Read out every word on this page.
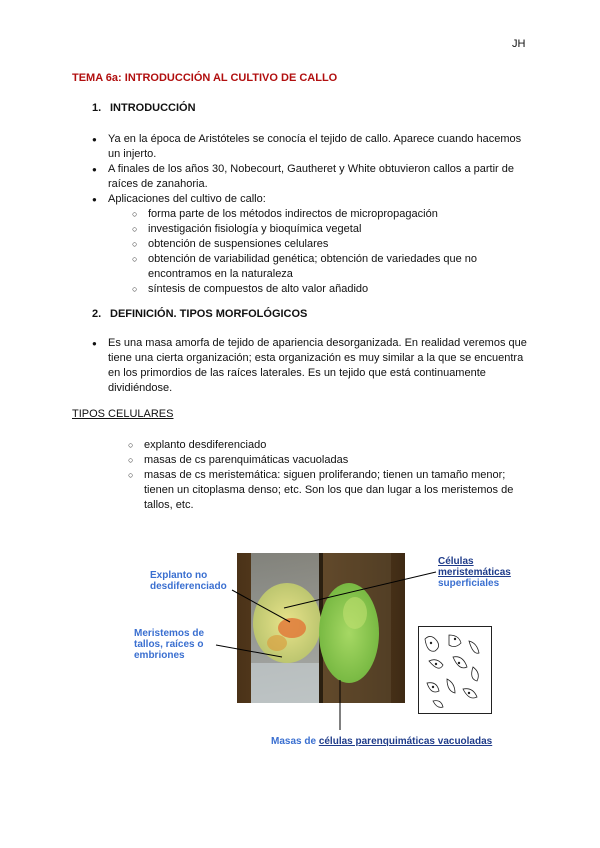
JH
TEMA 6a: INTRODUCCIÓN AL CULTIVO DE CALLO
1. INTRODUCCIÓN
● Ya en la época de Aristóteles se conocía el tejido de callo. Aparece cuando hacemos un injerto.
● A finales de los años 30, Nobecourt, Gautheret y White obtuvieron callos a partir de raíces de zanahoria.
● Aplicaciones del cultivo de callo:
○ forma parte de los métodos indirectos de micropropagación
○ investigación fisiología y bioquímica vegetal
○ obtención de suspensiones celulares
○ obtención de variabilidad genética; obtención de variedades que no encontramos en la naturaleza
○ síntesis de compuestos de alto valor añadido
2. DEFINICIÓN. TIPOS MORFOLÓGICOS
● Es una masa amorfa de tejido de apariencia desorganizada. En realidad veremos que tiene una cierta organización; esta organización es muy similar a la que se encuentra en los primordios de las raíces laterales. Es un tejido que está continuamente dividiéndose.
TIPOS CELULARES
○ explanto desdiferenciado
○ masas de cs parenquimáticas vacuoladas
○ masas de cs meristemática: siguen proliferando; tienen un tamaño menor; tienen un citoplasma denso; etc. Son los que dan lugar a los meristemos de tallos, etc.
Explanto no desdiferenciado
Meristemos de tallos, raíces o embriones
Células
meristemáticas
superficiales
Masas de células parenquimáticas vacuoladas
